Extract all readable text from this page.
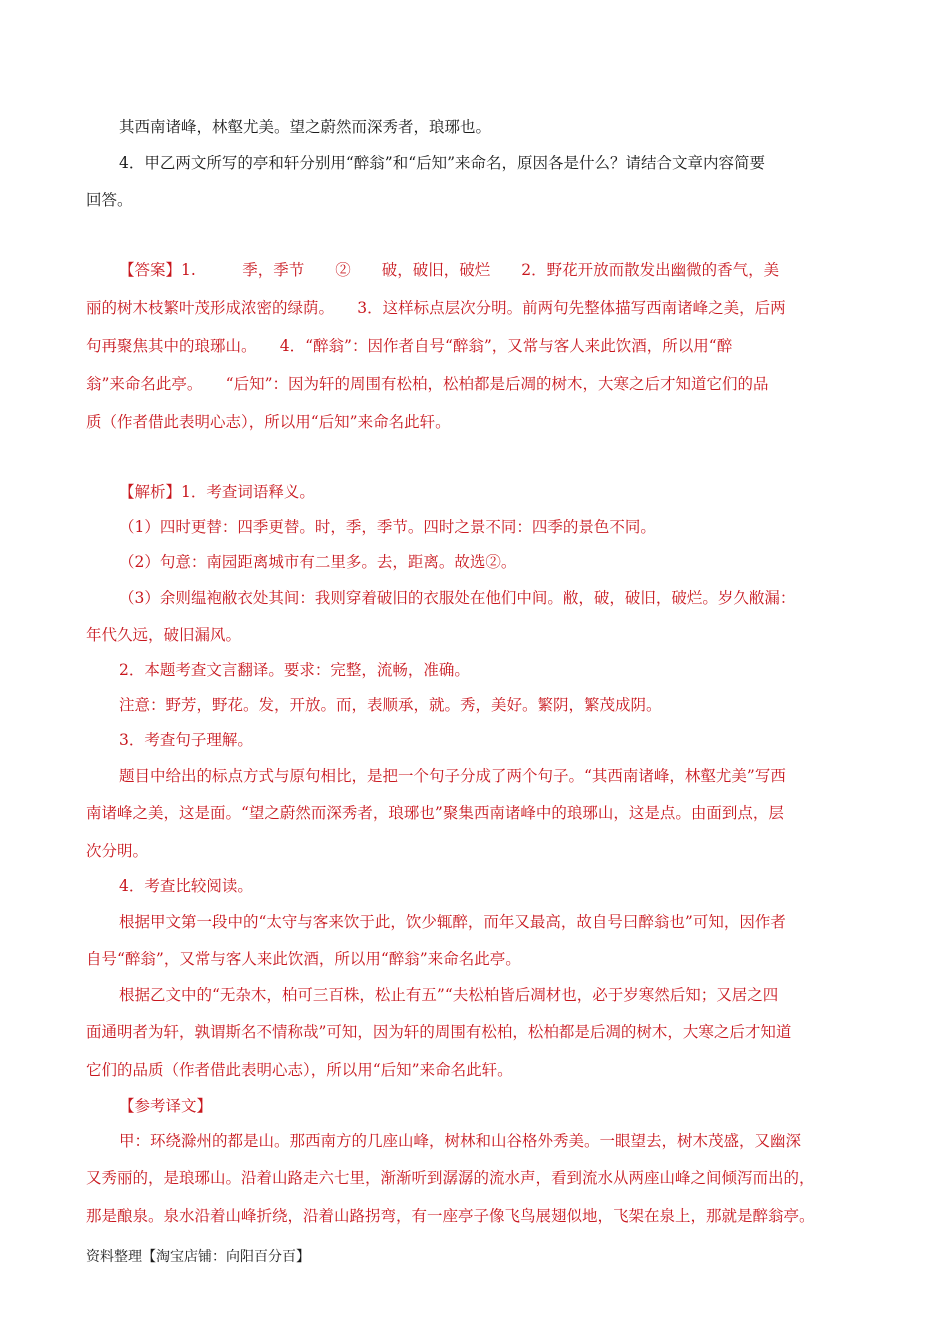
其西南诸峰，林壑尤美。望之蔚然而深秀者，琅琊也。
4．甲乙两文所写的亭和轩分别用“醉翁”和“后知”来命名，原因各是什么？请结合文章内容简要
回答。
【答案】1.　　　季，季节　　②　　破，破旧，破烂　　2．野花开放而散发出幽微的香气，美
丽的树木枝繁叶茂形成浓密的绿荫。　　3．这样标点层次分明。前两句先整体描写西南诸峰之美，后两
句再聚焦其中的琅琊山。　　4．“醉翁”：因作者自号“醉翁”，又常与客人来此饮酒，所以用“醉
翁”来命名此亭。　　“后知”：因为轩的周围有松柏，松柏都是后凋的树木，大寒之后才知道它们的品
质（作者借此表明心志），所以用“后知”来命名此轩。
【解析】1．考查词语释义。
（1）四时更替：四季更替。时，季，季节。四时之景不同：四季的景色不同。
（2）句意：南园距离城市有二里多。去，距离。故选②。
（3）余则缊袍敝衣处其间：我则穿着破旧的衣服处在他们中间。敝，破，破旧，破烂。岁久敝漏：
年代久远，破旧漏风。
2．本题考查文言翻译。要求：完整，流畅，准确。
注意：野芳，野花。发，开放。而，表顺承，就。秀，美好。繁阴，繁茂成阴。
3．考查句子理解。
题目中给出的标点方式与原句相比，是把一个句子分成了两个句子。“其西南诸峰，林壑尤美”写西
南诸峰之美，这是面。“望之蔚然而深秀者，琅琊也”聚集西南诸峰中的琅琊山，这是点。由面到点，层
次分明。
4．考查比较阅读。
根据甲文第一段中的“太守与客来饮于此，饮少辄醉，而年又最高，故自号曰醉翁也”可知，因作者
自号“醉翁”，又常与客人来此饮酒，所以用“醉翁”来命名此亭。
根据乙文中的“无杂木，柏可三百株，松止有五”“夫松柏皆后凋材也，必于岁寒然后知；又居之四
面通明者为轩，孰谓斯名不情称哉”可知，因为轩的周围有松柏，松柏都是后凋的树木，大寒之后才知道
它们的品质（作者借此表明心志），所以用“后知”来命名此轩。
【参考译文】
甲：环绕滁州的都是山。那西南方的几座山峰，树林和山谷格外秀美。一眼望去，树木茂盛，又幽深
又秀丽的，是琅琊山。沿着山路走六七里，渐渐听到潺潺的流水声，看到流水从两座山峰之间倾泻而出的，
那是酿泉。泉水沿着山峰折绕，沿着山路拐弯，有一座亭子像飞鸟展翅似地，飞架在泉上，那就是醉翁亭。
资料整理【淘宝店铺：向阳百分百】
